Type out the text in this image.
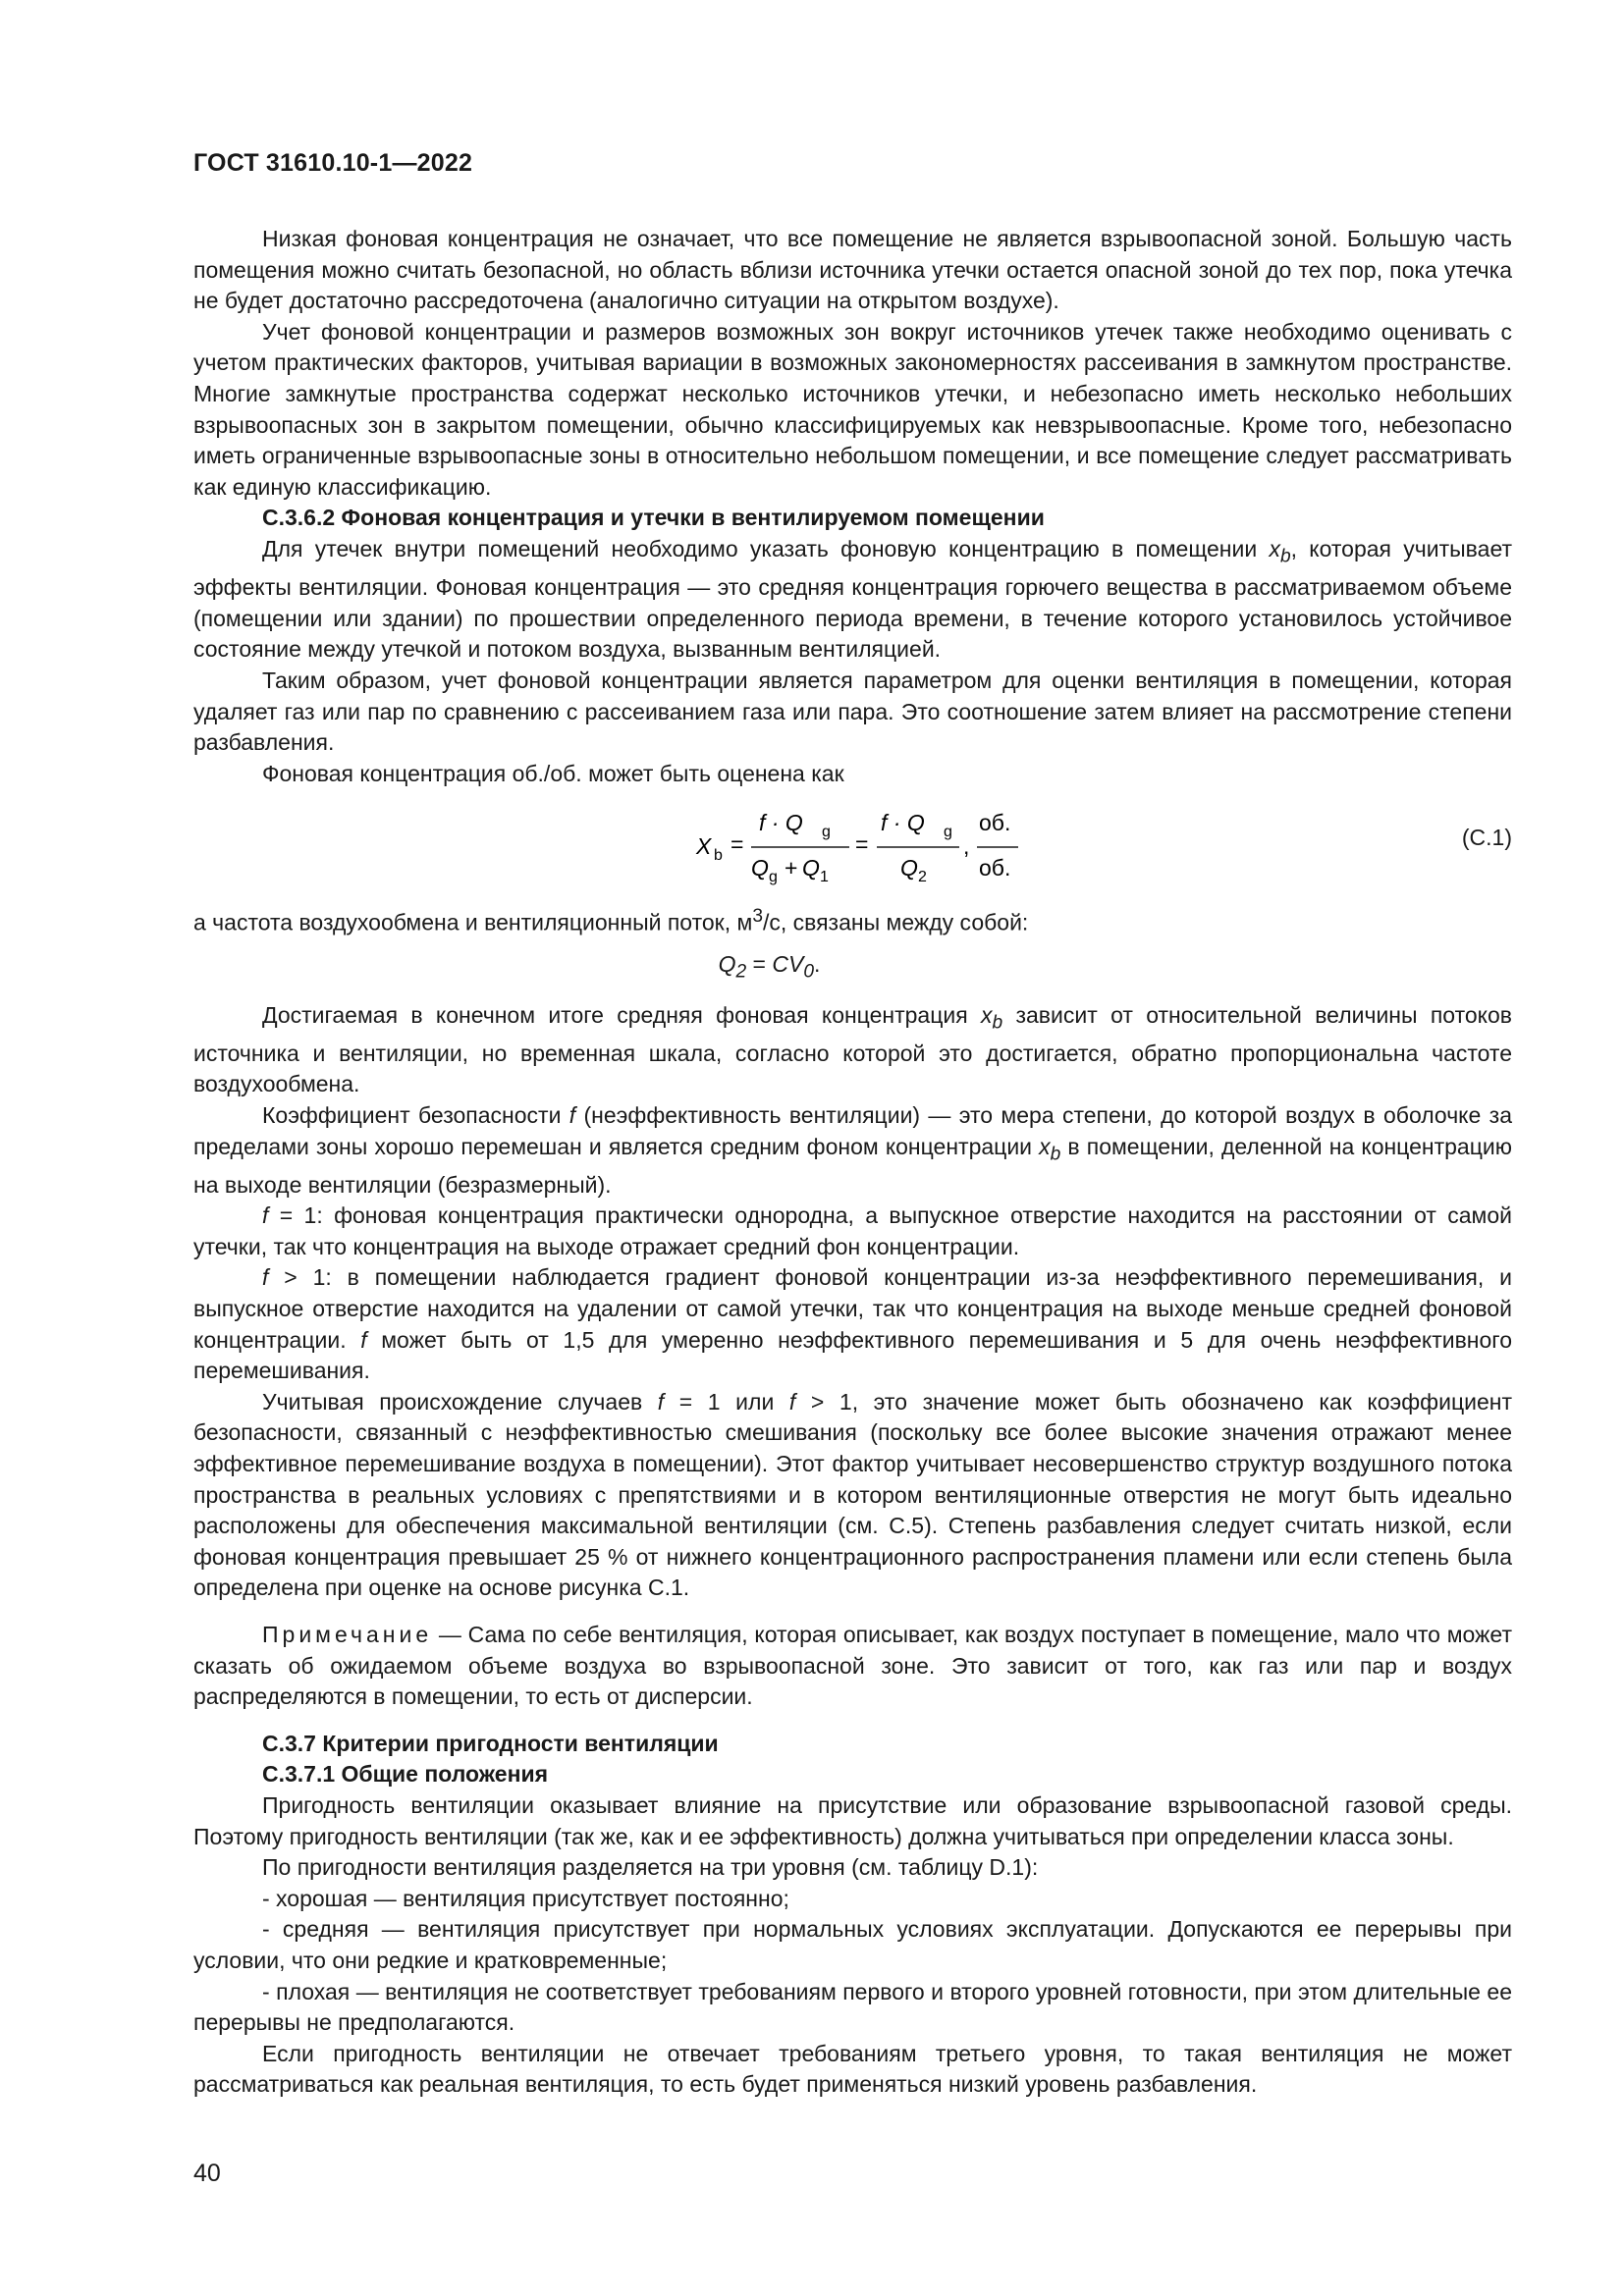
ГОСТ 31610.10-1—2022

Низкая фоновая концентрация не означает, что все помещение не является взрывоопасной зоной. Большую часть помещения можно считать безопасной, но область вблизи источника утечки остается опасной зоной до тех пор, пока утечка не будет достаточно рассредоточена (аналогично ситуации на открытом воздухе).

Учет фоновой концентрации и размеров возможных зон вокруг источников утечек также необходимо оценивать с учетом практических факторов, учитывая вариации в возможных закономерностях рассеивания в замкнутом пространстве. Многие замкнутые пространства содержат несколько источников утечки, и небезопасно иметь несколько небольших взрывоопасных зон в закрытом помещении, обычно классифицируемых как невзрывоопасные. Кроме того, небезопасно иметь ограниченные взрывоопасные зоны в относительно небольшом помещении, и все помещение следует рассматривать как единую классификацию.

С.3.6.2 Фоновая концентрация и утечки в вентилируемом помещении

Для утечек внутри помещений необходимо указать фоновую концентрацию в помещении $x_b$, которая учитывает эффекты вентиляции. Фоновая концентрация — это средняя концентрация горючего вещества в рассматриваемом объеме (помещении или здании) по прошествии определенного периода времени, в течение которого установилось устойчивое состояние между утечкой и потоком воздуха, вызванным вентиляцией.

Таким образом, учет фоновой концентрации является параметром для оценки вентиляция в помещении, которая удаляет газ или пар по сравнению с рассеиванием газа или пара. Это соотношение затем влияет на рассмотрение степени разбавления.

Фоновая концентрация об./об. может быть оценена как

X b =
f · Q g
Q g + Q 1
=
f · Q g
Q 2
,
об.
об.
(С.1)

а частота воздухообмена и вентиляционный поток, $м^3/с$, связаны между собой:

$Q_2 = CV_0$.

Достигаемая в конечном итоге средняя фоновая концентрация $x_b$ зависит от относительной величины потоков источника и вентиляции, но временная шкала, согласно которой это достигается, обратно пропорциональна частоте воздухообмена.

Коэффициент безопасности f (неэффективность вентиляции) — это мера степени, до которой воздух в оболочке за пределами зоны хорошо перемешан и является средним фоном концентрации $x_b$ в помещении, деленной на концентрацию на выходе вентиляции (безразмерный).

f = 1: фоновая концентрация практически однородна, а выпускное отверстие находится на расстоянии от самой утечки, так что концентрация на выходе отражает средний фон концентрации.

f > 1: в помещении наблюдается градиент фоновой концентрации из-за неэффективного перемешивания, и выпускное отверстие находится на удалении от самой утечки, так что концентрация на выходе меньше средней фоновой концентрации. f может быть от 1,5 для умеренно неэффективного перемешивания и 5 для очень неэффективного перемешивания.

Учитывая происхождение случаев f = 1 или f > 1, это значение может быть обозначено как коэффициент безопасности, связанный с неэффективностью смешивания (поскольку все более высокие значения отражают менее эффективное перемешивание воздуха в помещении). Этот фактор учитывает несовершенство структур воздушного потока пространства в реальных условиях с препятствиями и в котором вентиляционные отверстия не могут быть идеально расположены для обеспечения максимальной вентиляции (см. С.5). Степень разбавления следует считать низкой, если фоновая концентрация превышает 25 % от нижнего концентрационного распространения пламени или если степень была определена при оценке на основе рисунка С.1.

Примечание — Сама по себе вентиляция, которая описывает, как воздух поступает в помещение, мало что может сказать об ожидаемом объеме воздуха во взрывоопасной зоне. Это зависит от того, как газ или пар и воздух распределяются в помещении, то есть от дисперсии.

С.3.7 Критерии пригодности вентиляции

С.3.7.1 Общие положения

Пригодность вентиляции оказывает влияние на присутствие или образование взрывоопасной газовой среды. Поэтому пригодность вентиляции (так же, как и ее эффективность) должна учитываться при определении класса зоны.

По пригодности вентиляция разделяется на три уровня (см. таблицу D.1):

- хорошая — вентиляция присутствует постоянно;

- средняя — вентиляция присутствует при нормальных условиях эксплуатации. Допускаются ее перерывы при условии, что они редкие и кратковременные;

- плохая — вентиляция не соответствует требованиям первого и второго уровней готовности, при этом длительные ее перерывы не предполагаются.

Если пригодность вентиляции не отвечает требованиям третьего уровня, то такая вентиляция не может рассматриваться как реальная вентиляция, то есть будет применяться низкий уровень разбавления.

40
